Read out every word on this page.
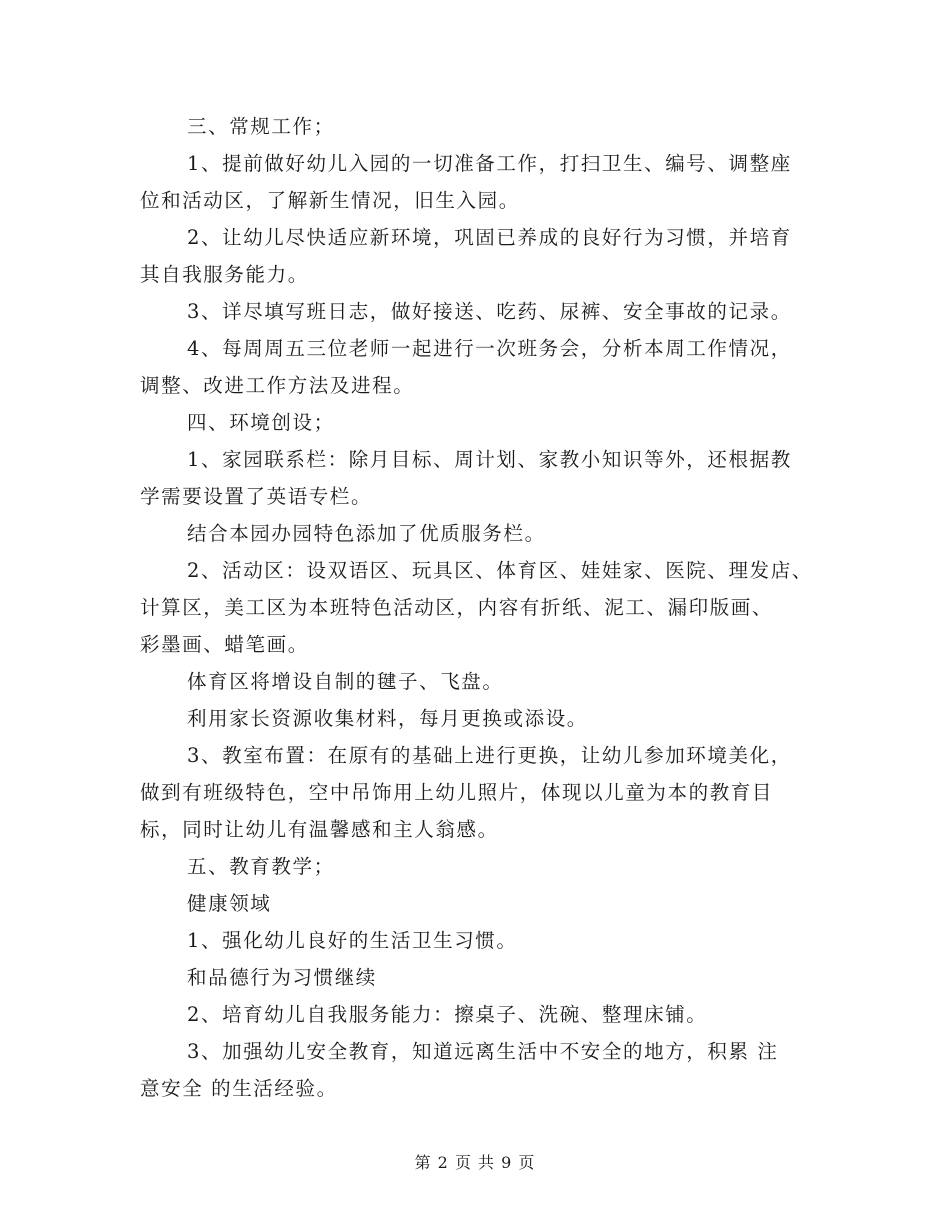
三、常规工作；
1、提前做好幼儿入园的一切准备工作，打扫卫生、编号、调整座
位和活动区，了解新生情况，旧生入园。
2、让幼儿尽快适应新环境，巩固已养成的良好行为习惯，并培育
其自我服务能力。
3、详尽填写班日志，做好接送、吃药、尿裤、安全事故的记录。
4、每周周五三位老师一起进行一次班务会，分析本周工作情况，
调整、改进工作方法及进程。
四、环境创设；
1、家园联系栏：除月目标、周计划、家教小知识等外，还根据教
学需要设置了英语专栏。
结合本园办园特色添加了优质服务栏。
2、活动区：设双语区、玩具区、体育区、娃娃家、医院、理发店、
计算区，美工区为本班特色活动区，内容有折纸、泥工、漏印版画、
彩墨画、蜡笔画。
体育区将增设自制的毽子、飞盘。
利用家长资源收集材料，每月更换或添设。
3、教室布置：在原有的基础上进行更换，让幼儿参加环境美化，
做到有班级特色，空中吊饰用上幼儿照片，体现以儿童为本的教育目
标，同时让幼儿有温馨感和主人翁感。
五、教育教学；
健康领域
1、强化幼儿良好的生活卫生习惯。
和品德行为习惯继续
2、培育幼儿自我服务能力：擦桌子、洗碗、整理床铺。
3、加强幼儿安全教育，知道远离生活中不安全的地方，积累 注
意安全 的生活经验。
第 2 页 共 9 页
